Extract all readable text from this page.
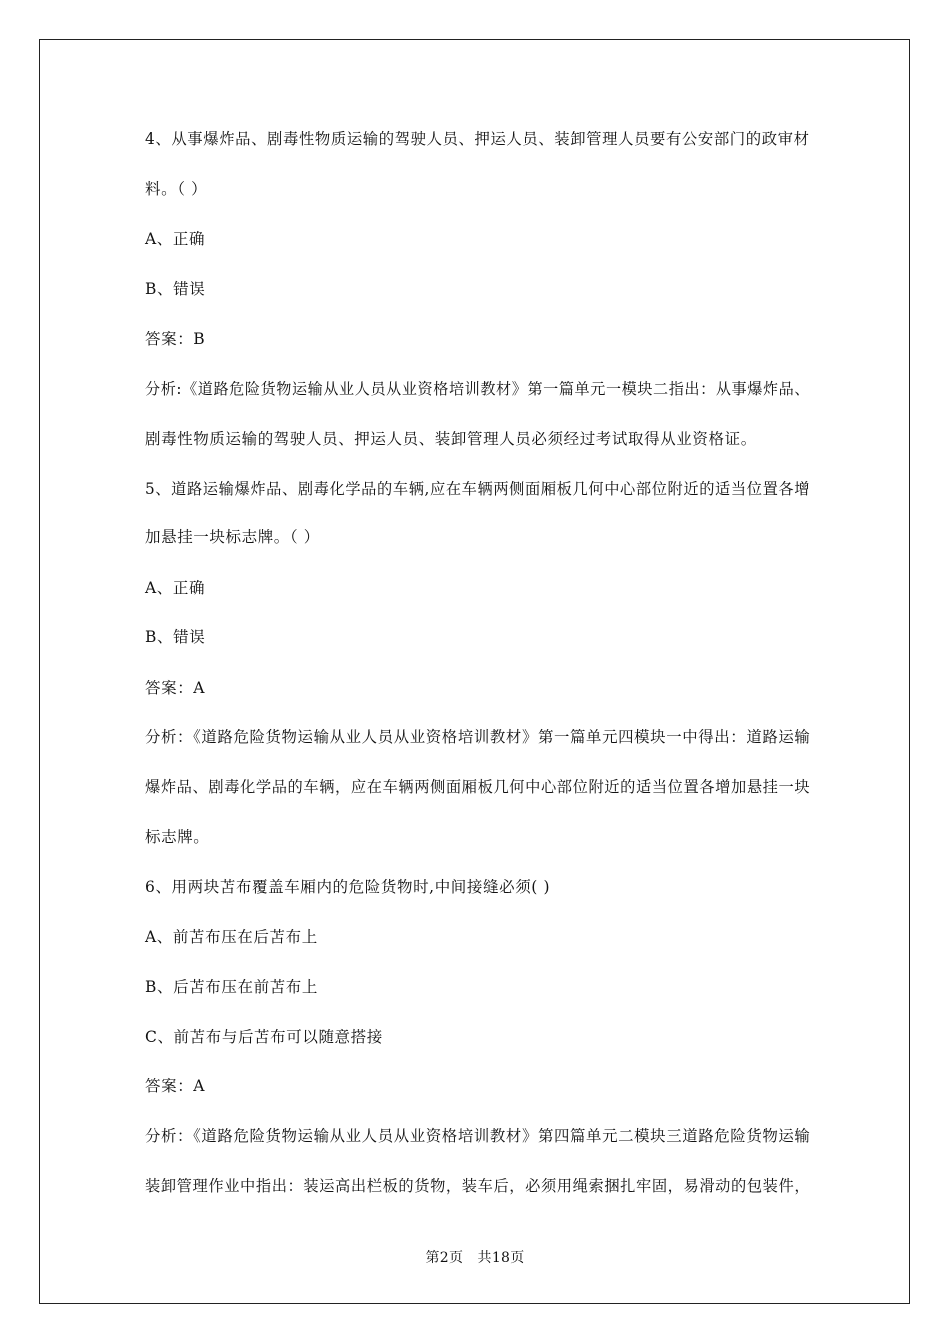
4、从事爆炸品、剧毒性物质运输的驾驶人员、押运人员、装卸管理人员要有公安部门的政审材
料。（ ）
A、正确
B、错误
答案：B
分析:《道路危险货物运输从业人员从业资格培训教材》第一篇单元一模块二指出：从事爆炸品、
剧毒性物质运输的驾驶人员、押运人员、装卸管理人员必须经过考试取得从业资格证。
5、道路运输爆炸品、剧毒化学品的车辆,应在车辆两侧面厢板几何中心部位附近的适当位置各增
加悬挂一块标志牌。（ ）
A、正确
B、错误
答案：A
分析：《道路危险货物运输从业人员从业资格培训教材》第一篇单元四模块一中得出：道路运输
爆炸品、剧毒化学品的车辆，应在车辆两侧面厢板几何中心部位附近的适当位置各增加悬挂一块
标志牌。
6、用两块苫布覆盖车厢内的危险货物时,中间接缝必须( )
A、前苫布压在后苫布上
B、后苫布压在前苫布上
C、前苫布与后苫布可以随意搭接
答案：A
分析：《道路危险货物运输从业人员从业资格培训教材》第四篇单元二模块三道路危险货物运输
装卸管理作业中指出：装运高出栏板的货物，装车后，必须用绳索捆扎牢固，易滑动的包装件，
第2页　共18页
